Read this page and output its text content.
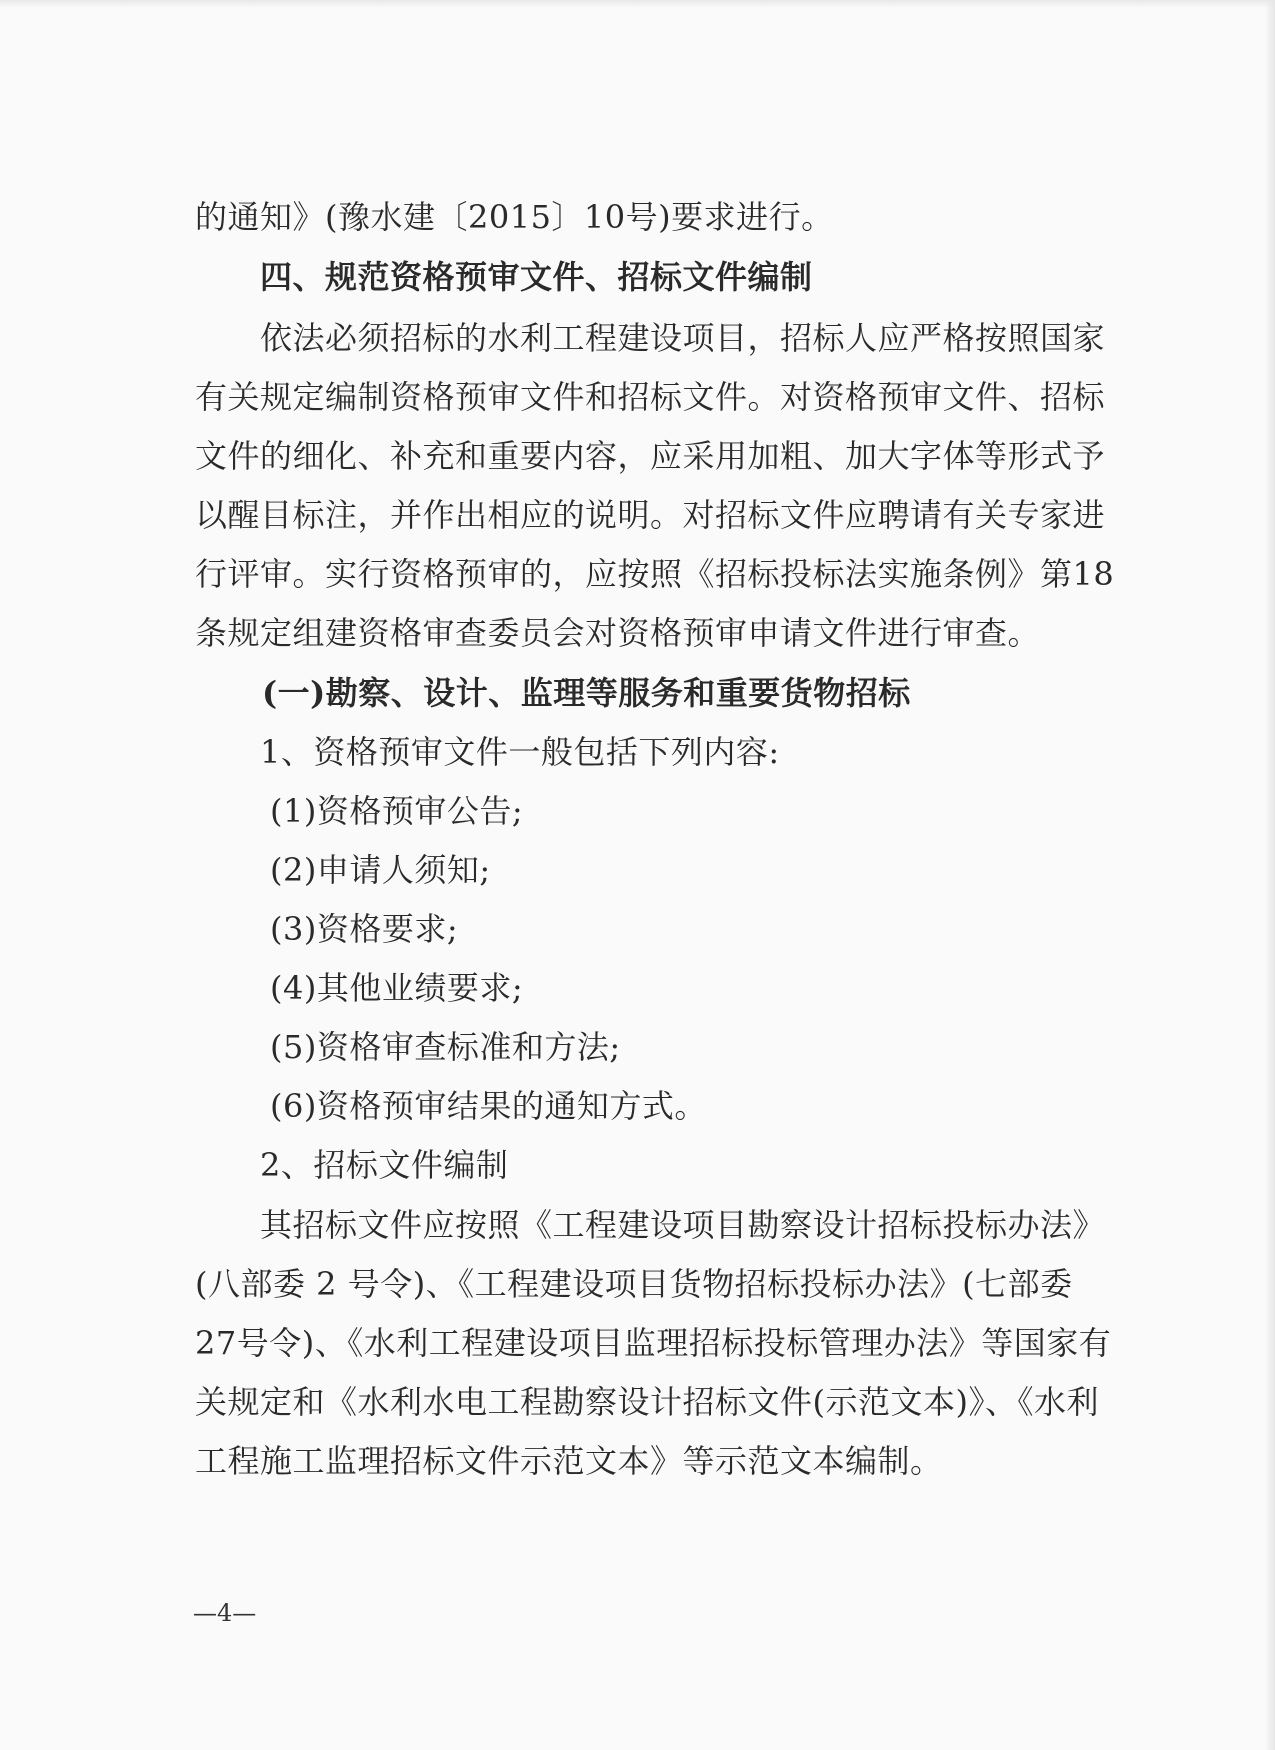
的通知》(豫水建〔2015〕10号)要求进行。
四、规范资格预审文件、招标文件编制
依法必须招标的水利工程建设项目，招标人应严格按照国家
有关规定编制资格预审文件和招标文件。对资格预审文件、招标
文件的细化、补充和重要内容，应采用加粗、加大字体等形式予
以醒目标注，并作出相应的说明。对招标文件应聘请有关专家进
行评审。实行资格预审的，应按照《招标投标法实施条例》第18
条规定组建资格审查委员会对资格预审申请文件进行审查。
(一)勘察、设计、监理等服务和重要货物招标
1、资格预审文件一般包括下列内容:
(1)资格预审公告;
(2)申请人须知;
(3)资格要求;
(4)其他业绩要求;
(5)资格审查标准和方法;
(6)资格预审结果的通知方式。
2、招标文件编制
其招标文件应按照《工程建设项目勘察设计招标投标办法》
(八部委 2 号令)、《工程建设项目货物招标投标办法》(七部委
27号令)、《水利工程建设项目监理招标投标管理办法》等国家有
关规定和《水利水电工程勘察设计招标文件(示范文本)》、《水利
工程施工监理招标文件示范文本》等示范文本编制。
—4—
